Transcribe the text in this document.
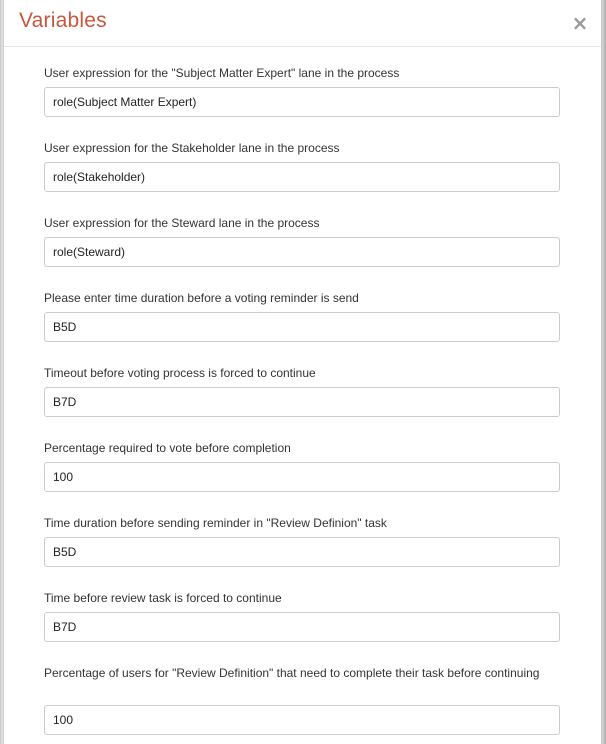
Variables	×
User expression for the "Subject Matter Expert" lane in the process
role(Subject Matter Expert)
User expression for the Stakeholder lane in the process
role(Stakeholder)
User expression for the Steward lane in the process
role(Steward)
Please enter time duration before a voting reminder is send
B5D
Timeout before voting process is forced to continue
B7D
Percentage required to vote before completion
100
Time duration before sending reminder in "Review Definion" task
B5D
Time before review task is forced to continue
B7D
Percentage of users for "Review Definition" that need to complete their task before continuing
100
